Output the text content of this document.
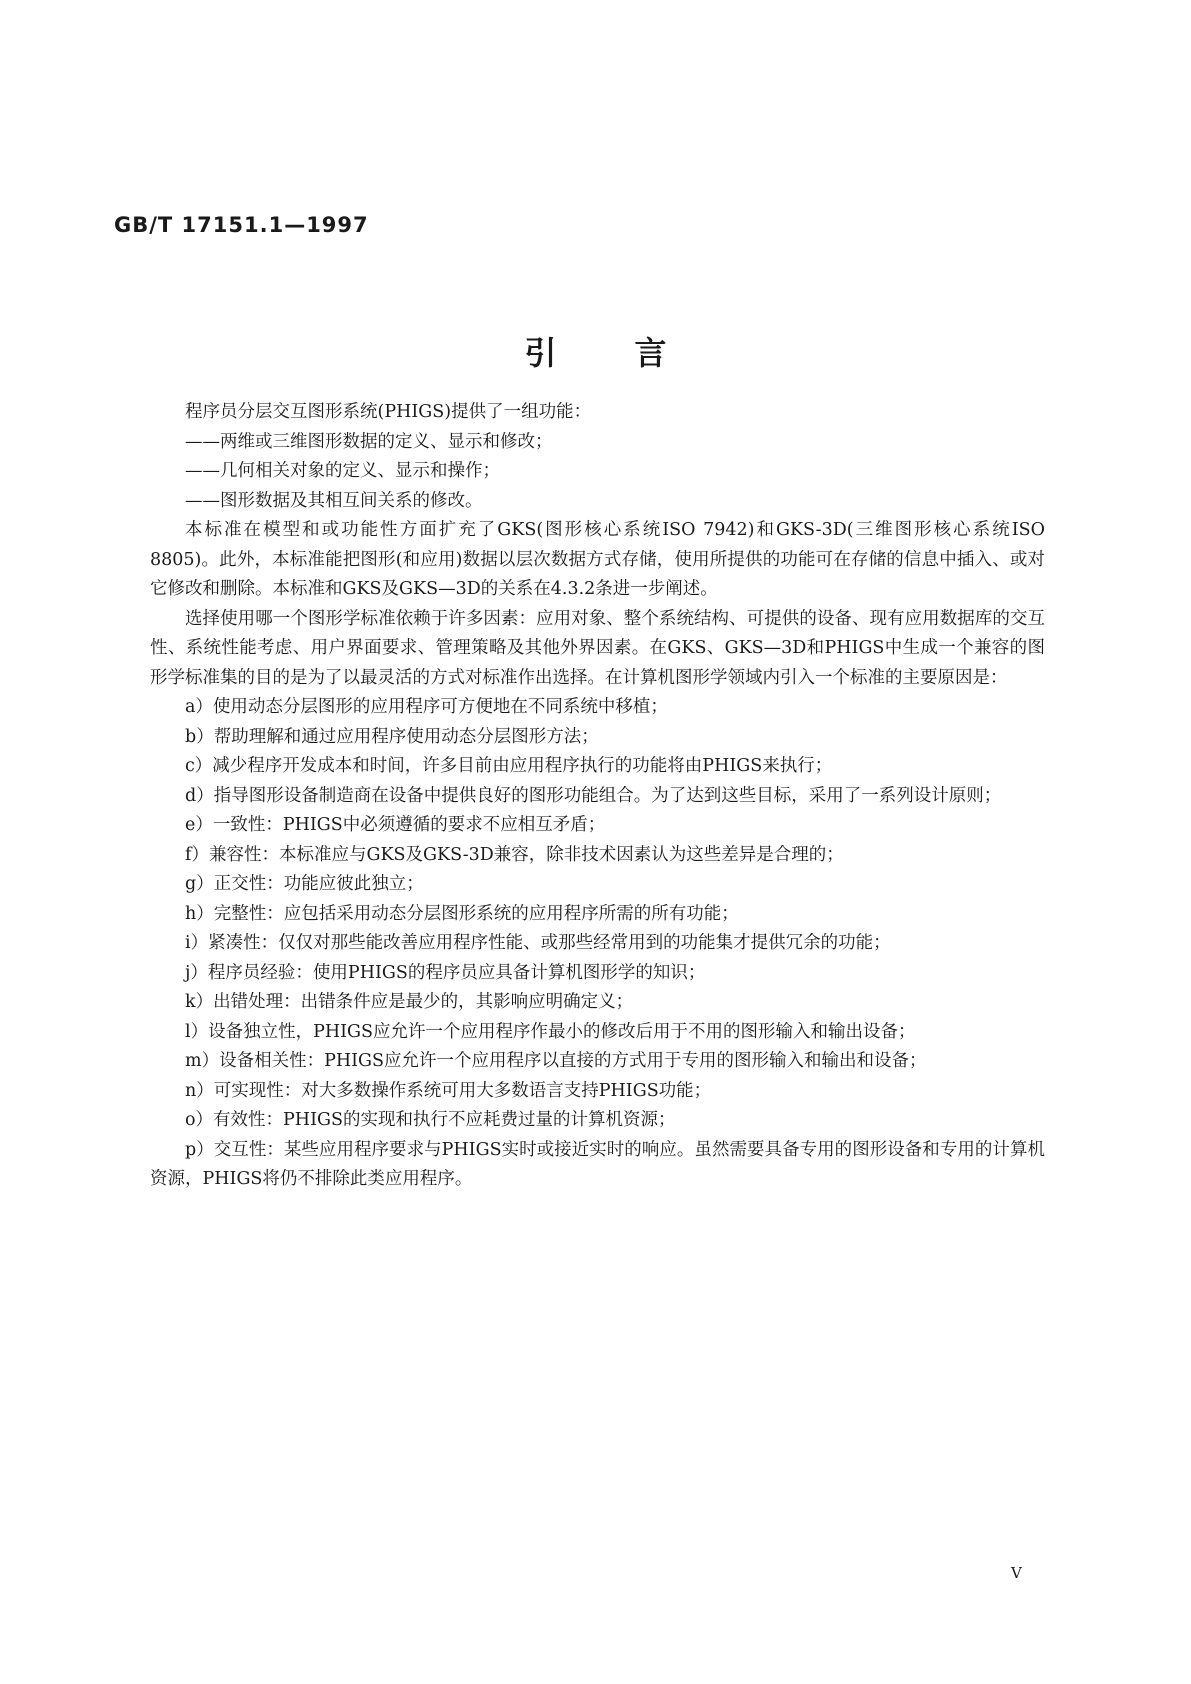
GB/T 17151.1—1997
引言

程序员分层交互图形系统(PHIGS)提供了一组功能：

——两维或三维图形数据的定义、显示和修改；

——几何相关对象的定义、显示和操作；

——图形数据及其相互间关系的修改。

本标准在模型和或功能性方面扩充了GKS(图形核心系统ISO 7942)和GKS-3D(三维图形核心系统ISO 8805)。此外，本标准能把图形(和应用)数据以层次数据方式存储，使用所提供的功能可在存储的信息中插入、或对它修改和删除。本标准和GKS及GKS—3D的关系在4.3.2条进一步阐述。

选择使用哪一个图形学标准依赖于许多因素：应用对象、整个系统结构、可提供的设备、现有应用数据库的交互性、系统性能考虑、用户界面要求、管理策略及其他外界因素。在GKS、GKS—3D和PHIGS中生成一个兼容的图形学标准集的目的是为了以最灵活的方式对标准作出选择。在计算机图形学领域内引入一个标准的主要原因是：

a）使用动态分层图形的应用程序可方便地在不同系统中移植；

b）帮助理解和通过应用程序使用动态分层图形方法；

c）减少程序开发成本和时间，许多目前由应用程序执行的功能将由PHIGS来执行；

d）指导图形设备制造商在设备中提供良好的图形功能组合。为了达到这些目标，采用了一系列设计原则；

e）一致性：PHIGS中必须遵循的要求不应相互矛盾；

f）兼容性：本标准应与GKS及GKS-3D兼容，除非技术因素认为这些差异是合理的；

g）正交性：功能应彼此独立；

h）完整性：应包括采用动态分层图形系统的应用程序所需的所有功能；

i）紧凑性：仅仅对那些能改善应用程序性能、或那些经常用到的功能集才提供冗余的功能；

j）程序员经验：使用PHIGS的程序员应具备计算机图形学的知识；

k）出错处理：出错条件应是最少的，其影响应明确定义；

l）设备独立性，PHIGS应允许一个应用程序作最小的修改后用于不用的图形输入和输出设备；

m）设备相关性：PHIGS应允许一个应用程序以直接的方式用于专用的图形输入和输出和设备；

n）可实现性：对大多数操作系统可用大多数语言支持PHIGS功能；

o）有效性：PHIGS的实现和执行不应耗费过量的计算机资源；

p）交互性：某些应用程序要求与PHIGS实时或接近实时的响应。虽然需要具备专用的图形设备和专用的计算机资源，PHIGS将仍不排除此类应用程序。

V
